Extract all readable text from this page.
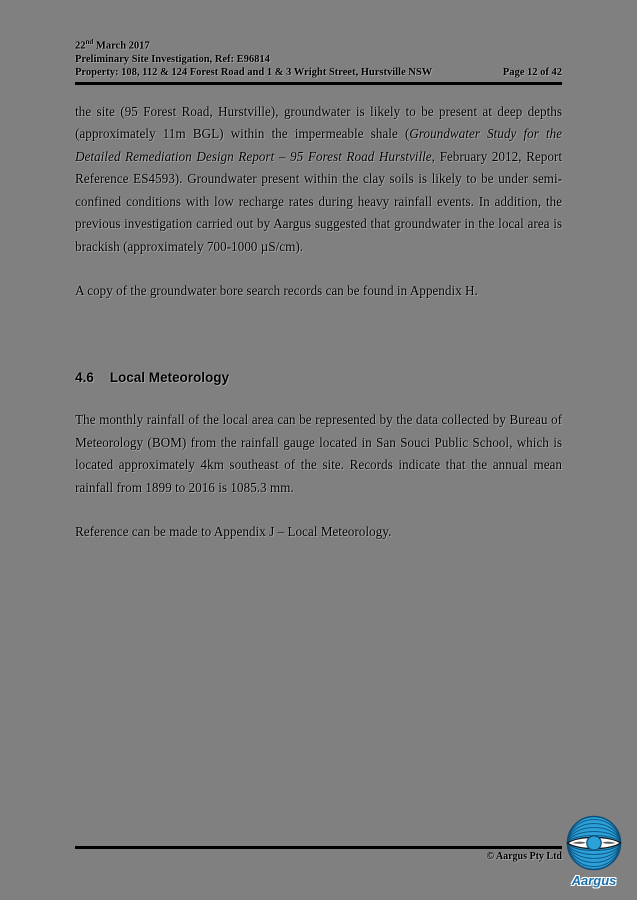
22nd March 2017
Preliminary Site Investigation, Ref: E96814
Property: 108, 112 & 124 Forest Road and 1 & 3 Wright Street, Hurstville NSW	Page 12 of 42

the site (95 Forest Road, Hurstville), groundwater is likely to be present at deep depths (approximately 11m BGL) within the impermeable shale (Groundwater Study for the Detailed Remediation Design Report – 95 Forest Road Hurstville, February 2012, Report Reference ES4593). Groundwater present within the clay soils is likely to be under semi-confined conditions with low recharge rates during heavy rainfall events. In addition, the previous investigation carried out by Aargus suggested that groundwater in the local area is brackish (approximately 700-1000 µS/cm).

A copy of the groundwater bore search records can be found in Appendix H.

4.6 Local Meteorology

The monthly rainfall of the local area can be represented by the data collected by Bureau of Meteorology (BOM) from the rainfall gauge located in San Souci Public School, which is located approximately 4km southeast of the site. Records indicate that the annual mean rainfall from 1899 to 2016 is 1085.3 mm.

Reference can be made to Appendix J – Local Meteorology.

© Aargus Pty Ltd
Aargus
